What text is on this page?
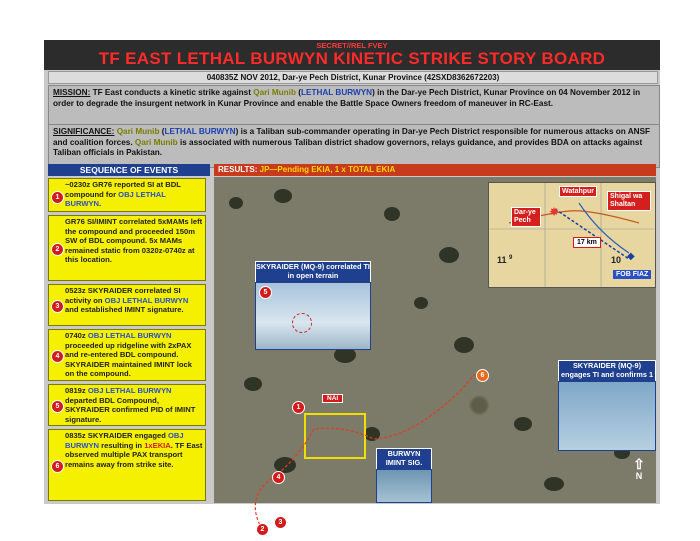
SECRET//REL FVEY
TF EAST LETHAL BURWYN KINETIC STRIKE STORY BOARD
040835Z NOV 2012, Dar-ye Pech District, Kunar Province (42SXD8362672203)
MISSION: TF East conducts a kinetic strike against Qari Munib (LETHAL BURWYN) in the Dar-ye Pech District, Kunar Province on 04 November 2012 in order to degrade the insurgent network in Kunar Province and enable the Battle Space Owners freedom of maneuver in RC-East.
SIGNIFICANCE: Qari Munib (LETHAL BURWYN) is a Taliban sub-commander operating in Dar-ye Pech District responsible for numerous attacks on ANSF and coalition forces. Qari Munib is associated with numerous Taliban district shadow governors, relays guidance, and provides BDA on attacks against Taliban officials in Pakistan.
SEQUENCE OF EVENTS
1
~0230z GR76 reported SI at BDL compound for OBJ LETHAL BURWYN.
2
GR76 SI/IMINT correlated 5xMAMs left the compound and proceeded 150m SW of BDL compound. 5x MAMs remained static from 0320z-0740z at this location.
3
0523z SKYRAIDER correlated SI activity on OBJ LETHAL BURWYN and established IMINT signature.
4
0740z OBJ LETHAL BURWYN proceeded up ridgeline with 2xPAX and re-entered BDL compound. SKYRAIDER maintained IMINT lock on the compound.
5
0819z OBJ LETHAL BURWYN departed BDL Compound, SKYRAIDER confirmed PID of IMINT signature.
6
0835z SKYRAIDER engaged OBJ BURWYN resulting in 1xEKIA. TF East observed multiple PAX transport remains away from strike site.
RESULTS: JP—Pending EKIA, 1 x TOTAL EKIA
Watahpur
Shigal wa Shaltan
Dar-ye Pech
17 km
FOB FIAZ
11 9	10
✸
◆
SKYRAIDER (MQ-9) correlated TI in open terrain
5
SKYRAIDER (MQ-9) engages TI and confirms 1
BURWYN IMINT SIG.
NAI
1
2
3
4
6
⇧
N
